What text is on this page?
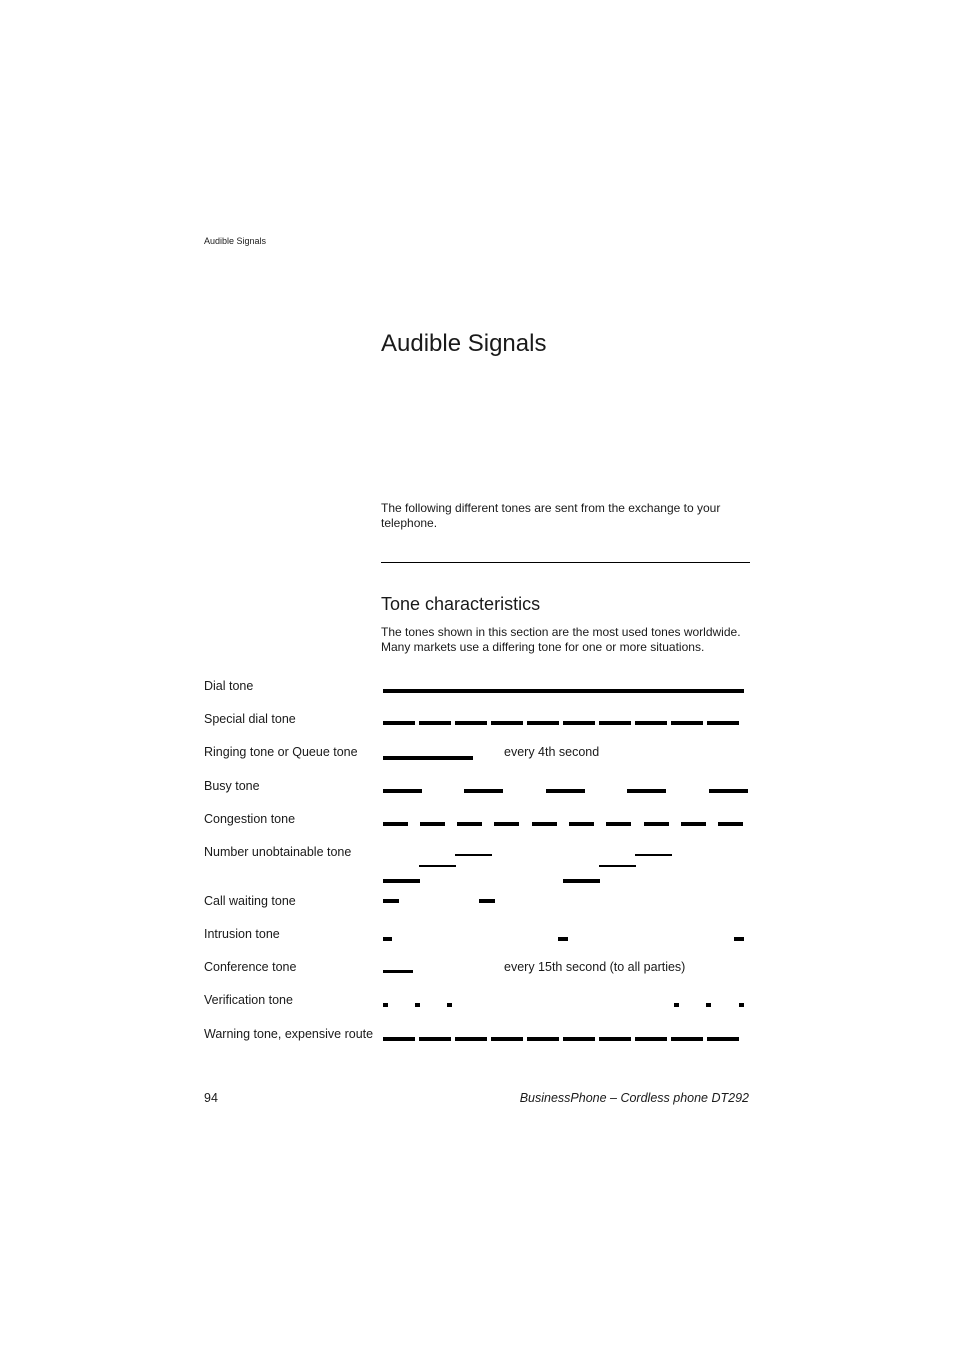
Audible Signals
Audible Signals
The following different tones are sent from the exchange to your telephone.
Tone characteristics
The tones shown in this section are the most used tones worldwide. Many markets use a differing tone for one or more situations.
Dial tone
Special dial tone
Ringing tone or Queue tone
Busy tone
Congestion tone
Number unobtainable tone
Call waiting tone
Intrusion tone
Conference tone
Verification tone
Warning tone, expensive route
every 4th second
every 15th second (to all parties)
94	BusinessPhone – Cordless phone DT292
